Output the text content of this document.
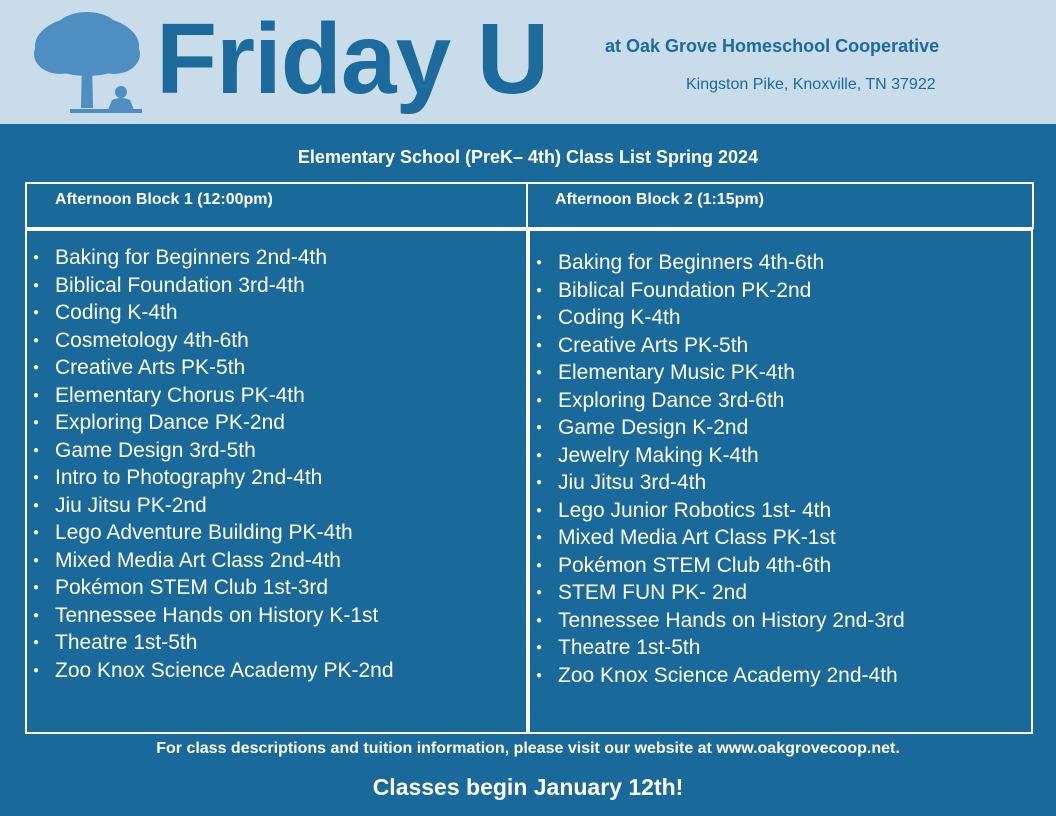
Friday U	at Oak Grove Homeschool Cooperative
Kingston Pike, Knoxville, TN 37922
Elementary School (PreK– 4th) Class List Spring 2024
Afternoon Block 1 (12:00pm)	Afternoon Block 2 (1:15pm)
● Baking for Beginners 2nd-4th
● Biblical Foundation 3rd-4th
● Coding K-4th
● Cosmetology 4th-6th
● Creative Arts PK-5th
● Elementary Chorus PK-4th
● Exploring Dance PK-2nd
● Game Design 3rd-5th
● Intro to Photography 2nd-4th
● Jiu Jitsu PK-2nd
● Lego Adventure Building PK-4th
● Mixed Media Art Class 2nd-4th
● Pokémon STEM Club 1st-3rd
● Tennessee Hands on History K-1st
● Theatre 1st-5th
● Zoo Knox Science Academy PK-2nd
● Baking for Beginners 4th-6th
● Biblical Foundation PK-2nd
● Coding K-4th
● Creative Arts PK-5th
● Elementary Music PK-4th
● Exploring Dance 3rd-6th
● Game Design K-2nd
● Jewelry Making K-4th
● Jiu Jitsu 3rd-4th
● Lego Junior Robotics 1st- 4th
● Mixed Media Art Class PK-1st
● Pokémon STEM Club 4th-6th
● STEM FUN PK- 2nd
● Tennessee Hands on History 2nd-3rd
● Theatre 1st-5th
● Zoo Knox Science Academy 2nd-4th
For class descriptions and tuition information, please visit our website at www.oakgrovecoop.net.
Classes begin January 12th!
